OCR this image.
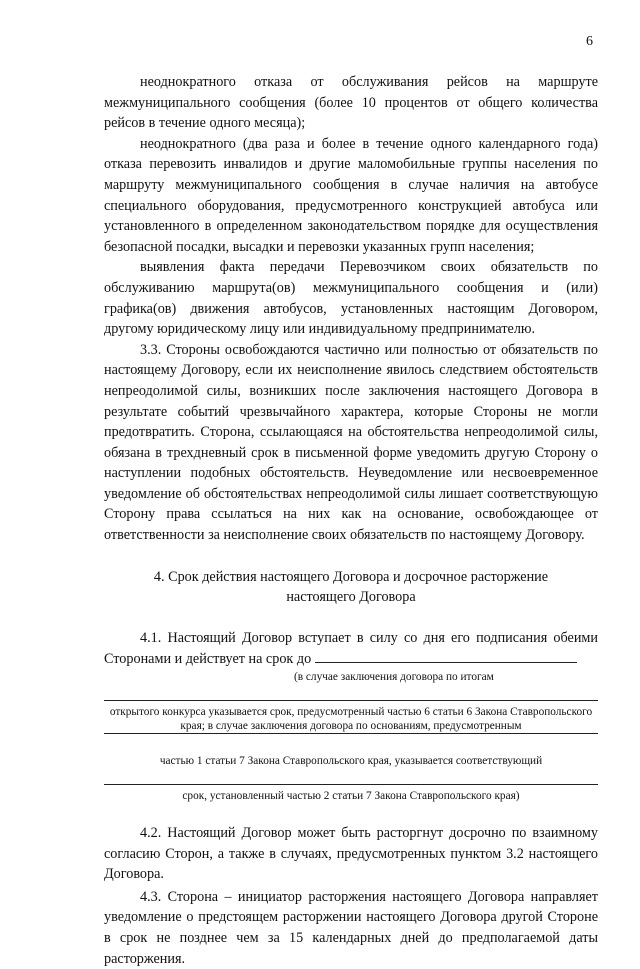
6

неоднократного отказа от обслуживания рейсов на маршруте межмуниципального сообщения (более 10 процентов от общего количества рейсов в течение одного месяца);

неоднократного (два раза и более в течение одного календарного года) отказа перевозить инвалидов и другие маломобильные группы населения по маршруту межмуниципального сообщения в случае наличия на автобусе специального оборудования, предусмотренного конструкцией автобуса или установленного в определенном законодательством порядке для осуществления безопасной посадки, высадки и перевозки указанных групп населения;

выявления факта передачи Перевозчиком своих обязательств по обслуживанию маршрута(ов) межмуниципального сообщения и (или) графика(ов) движения автобусов, установленных настоящим Договором, другому юридическому лицу или индивидуальному предпринимателю.

3.3. Стороны освобождаются частично или полностью от обязательств по настоящему Договору, если их неисполнение явилось следствием обстоятельств непреодолимой силы, возникших после заключения настоящего Договора в результате событий чрезвычайного характера, которые Стороны не могли предотвратить. Сторона, ссылающаяся на обстоятельства непреодолимой силы, обязана в трехдневный срок в письменной форме уведомить другую Сторону о наступлении подобных обстоятельств. Неуведомление или несвоевременное уведомление об обстоятельствах непреодолимой силы лишает соответствующую Сторону права ссылаться на них как на основание, освобождающее от ответственности за неисполнение своих обязательств по настоящему Договору.

4. Срок действия настоящего Договора и досрочное расторжение
настоящего Договора

4.1. Настоящий Договор вступает в силу со дня его подписания обеими Сторонами и действует на срок до

(в случае заключения договора по итогам
открытого конкурса указывается срок, предусмотренный частью 6 статьи 6 Закона Ставропольского края; в случае заключения договора по основаниям, предусмотренным
частью 1 статьи 7 Закона Ставропольского края, указывается соответствующий
срок, установленный частью 2 статьи 7 Закона Ставропольского края)

4.2. Настоящий Договор может быть расторгнут досрочно по взаимному согласию Сторон, а также в случаях, предусмотренных пунктом 3.2 настоящего Договора.

4.3. Сторона – инициатор расторжения настоящего Договора направляет уведомление о предстоящем расторжении настоящего Договора другой Стороне в срок не позднее чем за 15 календарных дней до предполагаемой даты расторжения.
